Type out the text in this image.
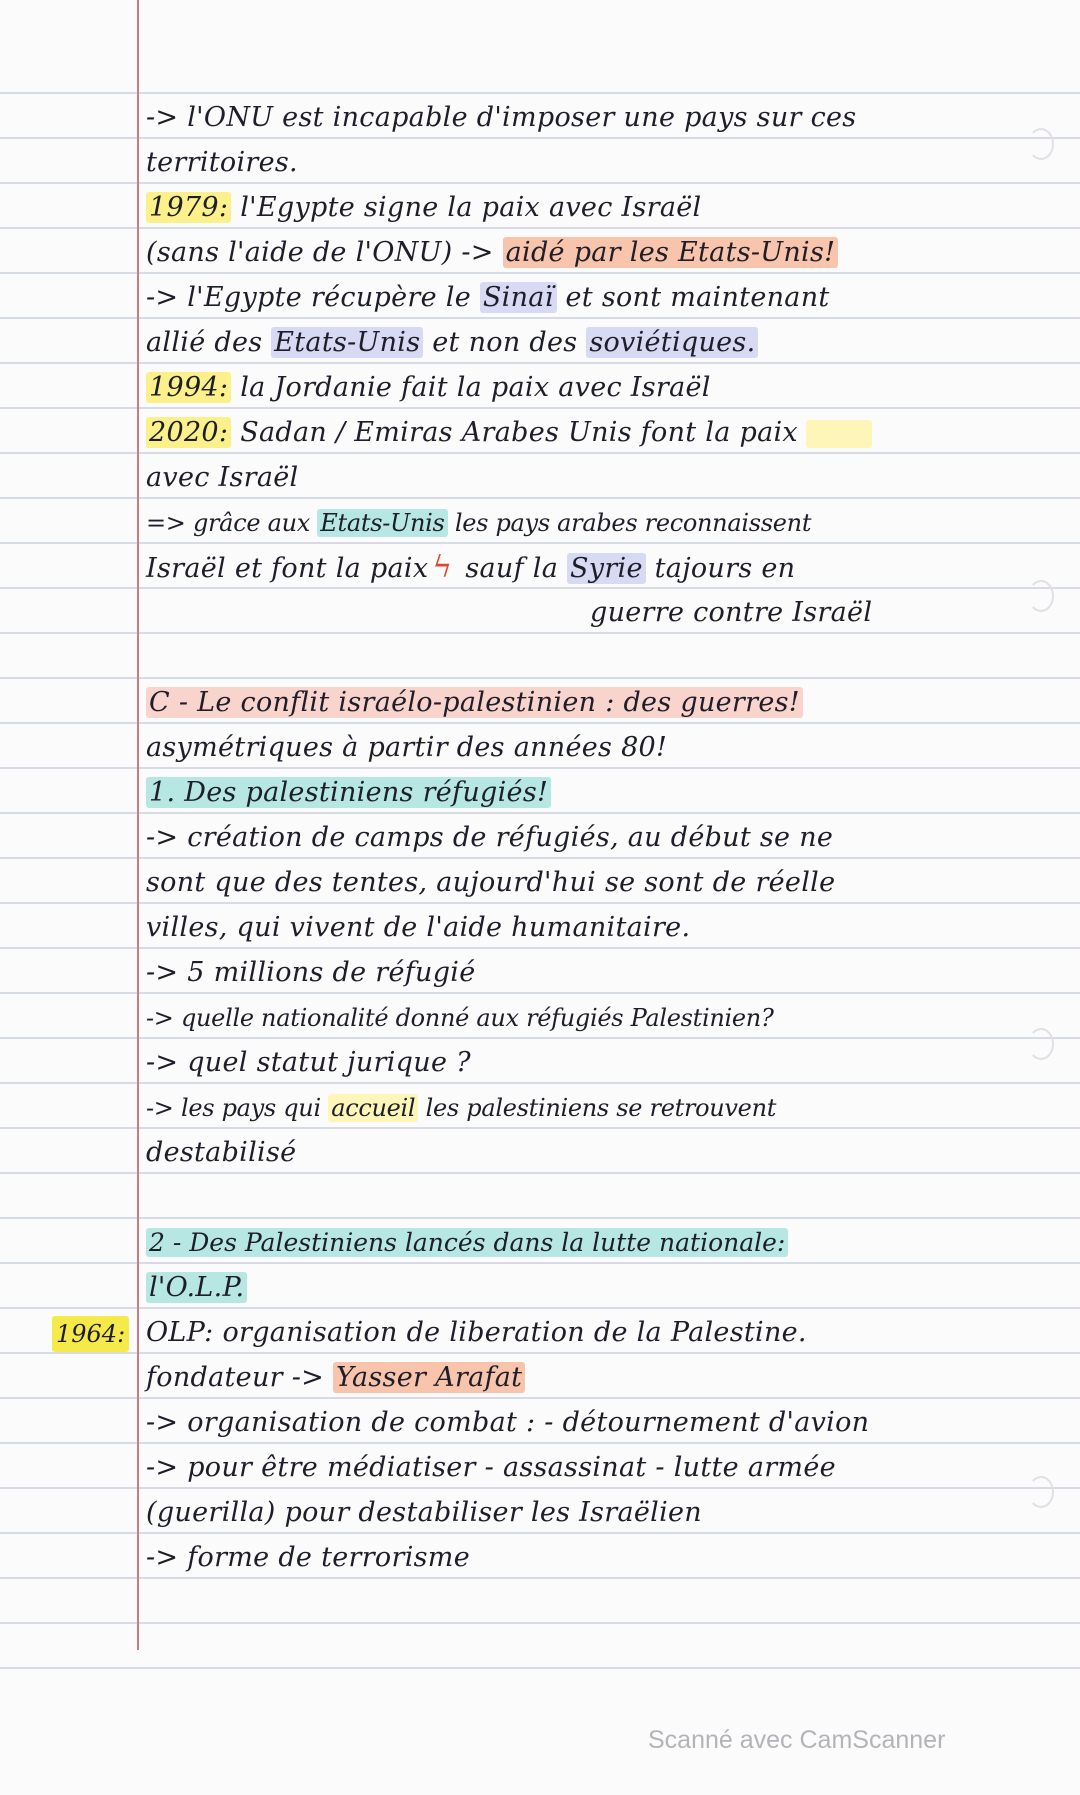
-> l'ONU est incapable d'imposer une pays sur ces
territoires.
1979: l'Egypte signe la paix avec Israël
(sans l'aide de l'ONU) -> aidé par les Etats-Unis!
-> l'Egypte récupère le Sinaï et sont maintenant
allié des Etats-Unis et non des soviétiques.
1994: la Jordanie fait la paix avec Israël
2020: Sadan / Emiras Arabes Unis font la paix
avec Israël
=> grâce aux Etats-Unis les pays arabes reconnaissent
Israël et font la paix ϟ sauf la Syrie tajours en
guerre contre Israël
C - Le conflit israélo-palestinien : des guerres!
asymétriques à partir des années 80!
1. Des palestiniens réfugiés!
-> création de camps de réfugiés, au début se ne
sont que des tentes, aujourd'hui se sont de réelle
villes, qui vivent de l'aide humanitaire.
-> 5 millions de réfugié
-> quelle nationalité donné aux réfugiés Palestinien?
-> quel statut jurique ?
-> les pays qui accueil les palestiniens se retrouvent
destabilisé
2 - Des Palestiniens lancés dans la lutte nationale:
l'O.L.P.
1964: OLP: organisation de liberation de la Palestine.
fondateur -> Yasser Arafat
-> organisation de combat : - détournement d'avion
-> pour être médiatiser - assassinat - lutte armée
(guerilla) pour destabiliser les Israëlien
-> forme de terrorisme
Scanné avec CamScanner
